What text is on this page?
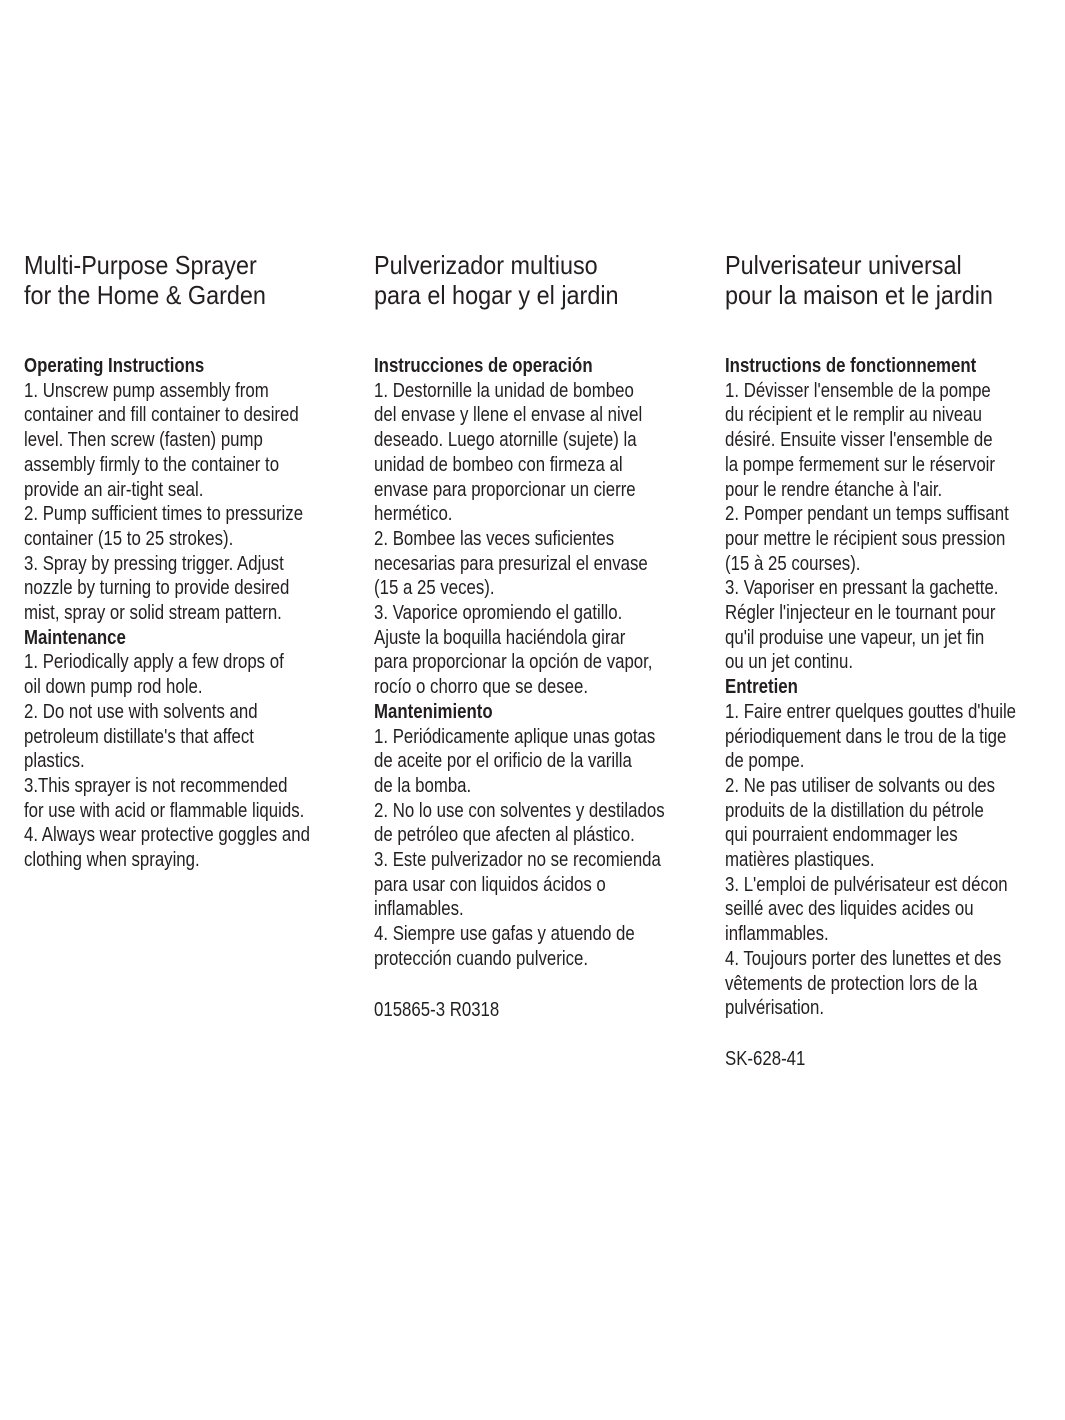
Multi-Purpose Sprayer
for the Home & Garden
Operating Instructions
1. Unscrew pump assembly from
container and fill container to desired
level. Then screw (fasten) pump
assembly firmly to the container to
provide an air-tight seal.
2. Pump sufficient times to pressurize
container (15 to 25 strokes).
3. Spray by pressing trigger. Adjust
nozzle by turning to provide desired
mist, spray or solid stream pattern.
Maintenance
1. Periodically apply a few drops of
oil down pump rod hole.
2. Do not use with solvents and
petroleum distillate's that affect
plastics.
3.This sprayer is not recommended
for use with acid or flammable liquids.
4. Always wear protective goggles and
clothing when spraying.
Pulverizador multiuso
para el hogar y el jardin
Instrucciones de operación
1. Destornille la unidad de bombeo
del envase y llene el envase al nivel
deseado. Luego atornille (sujete) la
unidad de bombeo con firmeza al
envase para proporcionar un cierre
hermético.
2. Bombee las veces suficientes
necesarias para presurizal el envase
(15 a 25 veces).
3. Vaporice opromiendo el gatillo.
Ajuste la boquilla haciéndola girar
para proporcionar la opción de vapor,
rocío o chorro que se desee.
Mantenimiento
1. Periódicamente aplique unas gotas
de aceite por el orificio de la varilla
de la bomba.
2. No lo use con solventes y destilados
de petróleo que afecten al plástico.
3. Este pulverizador no se recomienda
para usar con liquidos ácidos o
inflamables.
4. Siempre use gafas y atuendo de
protección cuando pulverice.
015865-3 R0318
Pulverisateur universal
pour la maison et le jardin
Instructions de fonctionnement
1. Dévisser l'ensemble de la pompe
du récipient et le remplir au niveau
désiré. Ensuite visser l'ensemble de
la pompe fermement sur le réservoir
pour le rendre étanche à l'air.
2. Pomper pendant un temps suffisant
pour mettre le récipient sous pression
(15 à 25 courses).
3. Vaporiser en pressant la gachette.
Régler l'injecteur en le tournant pour
qu'il produise une vapeur, un jet fin
ou un jet continu.
Entretien
1. Faire entrer quelques gouttes d'huile
périodiquement dans le trou de la tige
de pompe.
2. Ne pas utiliser de solvants ou des
produits de la distillation du pétrole
qui pourraient endommager les
matières plastiques.
3. L'emploi de pulvérisateur est décon
seillé avec des liquides acides ou
inflammables.
4. Toujours porter des lunettes et des
vêtements de protection lors de la
pulvérisation.
SK-628-41
